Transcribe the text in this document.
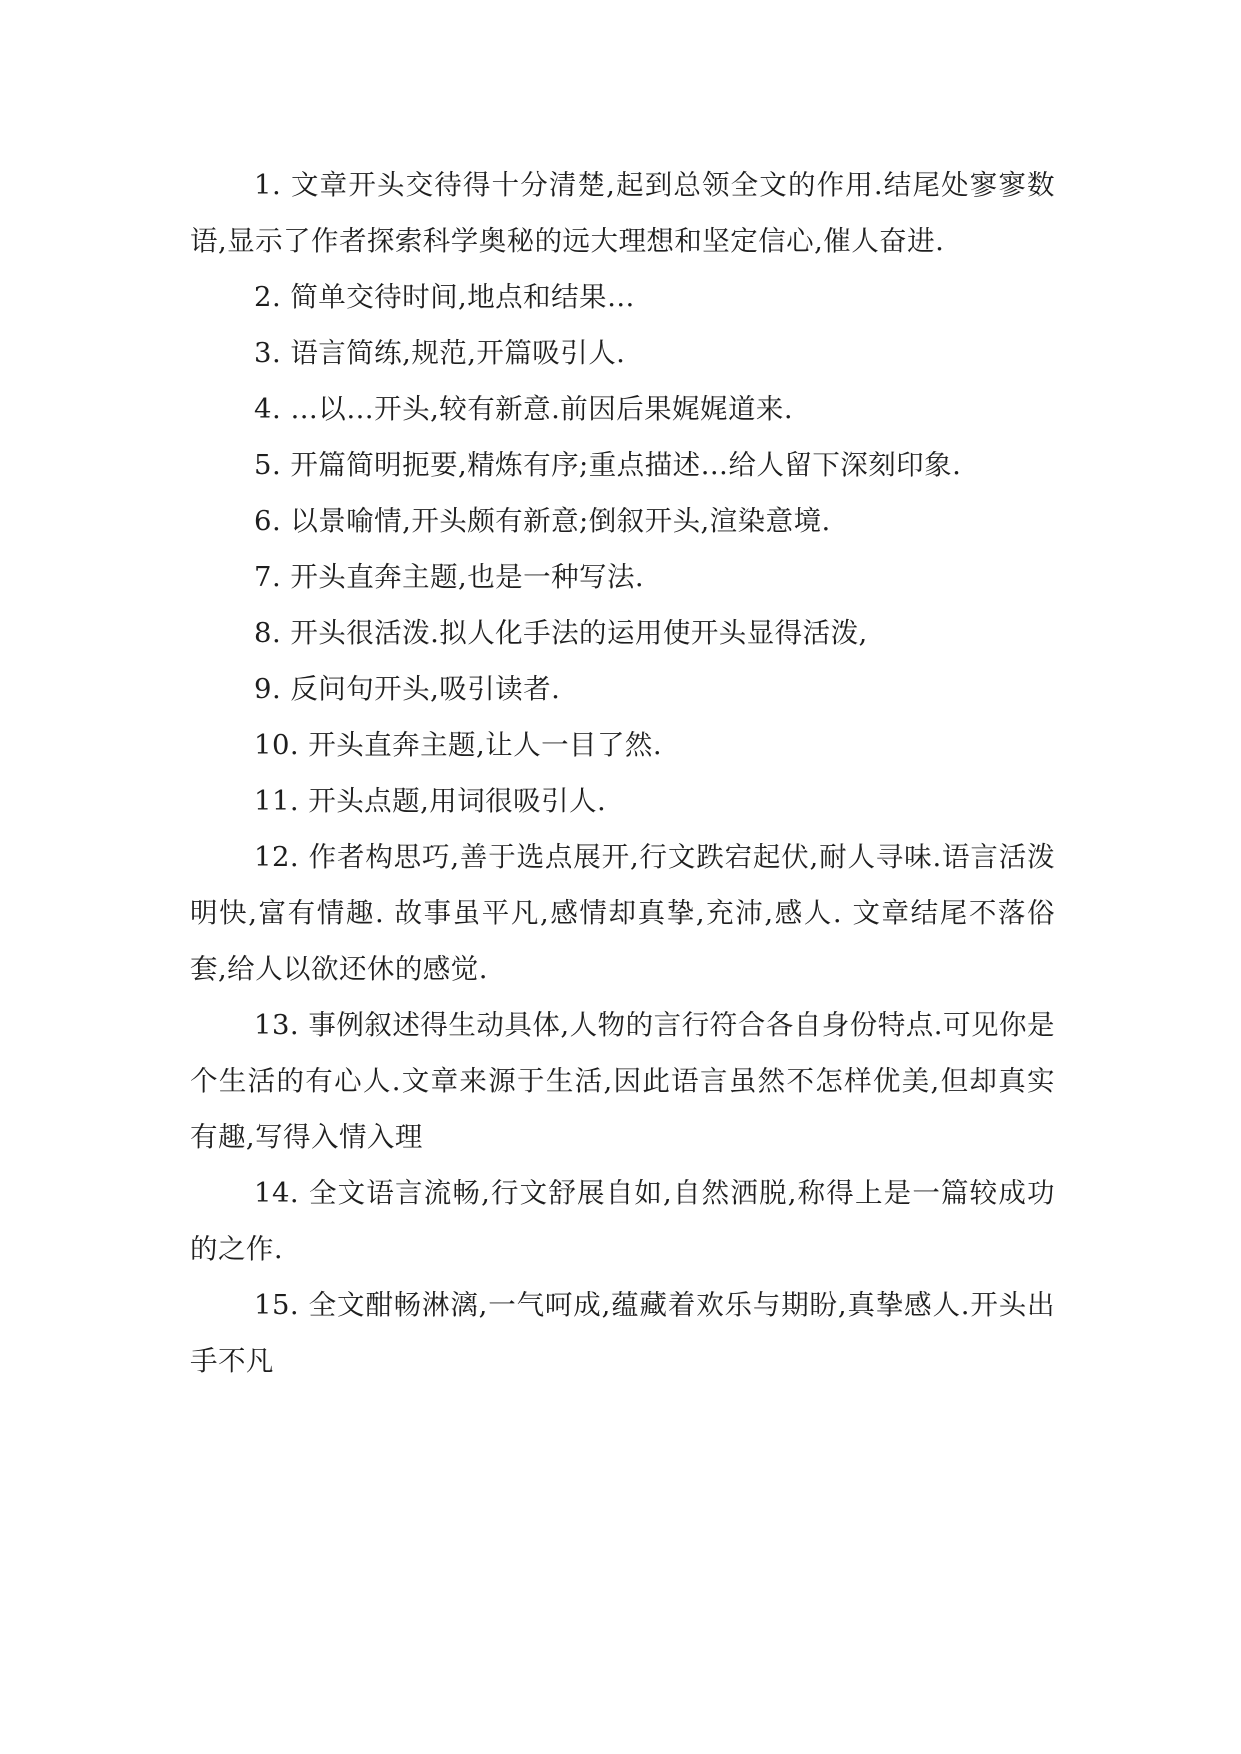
1. 文章开头交待得十分清楚,起到总领全文的作用.结尾处寥寥数语,显示了作者探索科学奥秘的远大理想和坚定信心,催人奋进.

2. 简单交待时间,地点和结果…

3. 语言简练,规范,开篇吸引人.

4. …以…开头,较有新意.前因后果娓娓道来.

5. 开篇简明扼要,精炼有序;重点描述…给人留下深刻印象.

6. 以景喻情,开头颇有新意;倒叙开头,渲染意境.

7. 开头直奔主题,也是一种写法.

8. 开头很活泼.拟人化手法的运用使开头显得活泼,

9. 反问句开头,吸引读者.

10. 开头直奔主题,让人一目了然.

11. 开头点题,用词很吸引人.

12. 作者构思巧,善于选点展开,行文跌宕起伏,耐人寻味.语言活泼明快,富有情趣. 故事虽平凡,感情却真挚,充沛,感人. 文章结尾不落俗套,给人以欲还休的感觉.

13. 事例叙述得生动具体,人物的言行符合各自身份特点.可见你是个生活的有心人.文章来源于生活,因此语言虽然不怎样优美,但却真实有趣,写得入情入理

14. 全文语言流畅,行文舒展自如,自然洒脱,称得上是一篇较成功的之作.

15. 全文酣畅淋漓,一气呵成,蕴藏着欢乐与期盼,真挚感人.开头出手不凡
